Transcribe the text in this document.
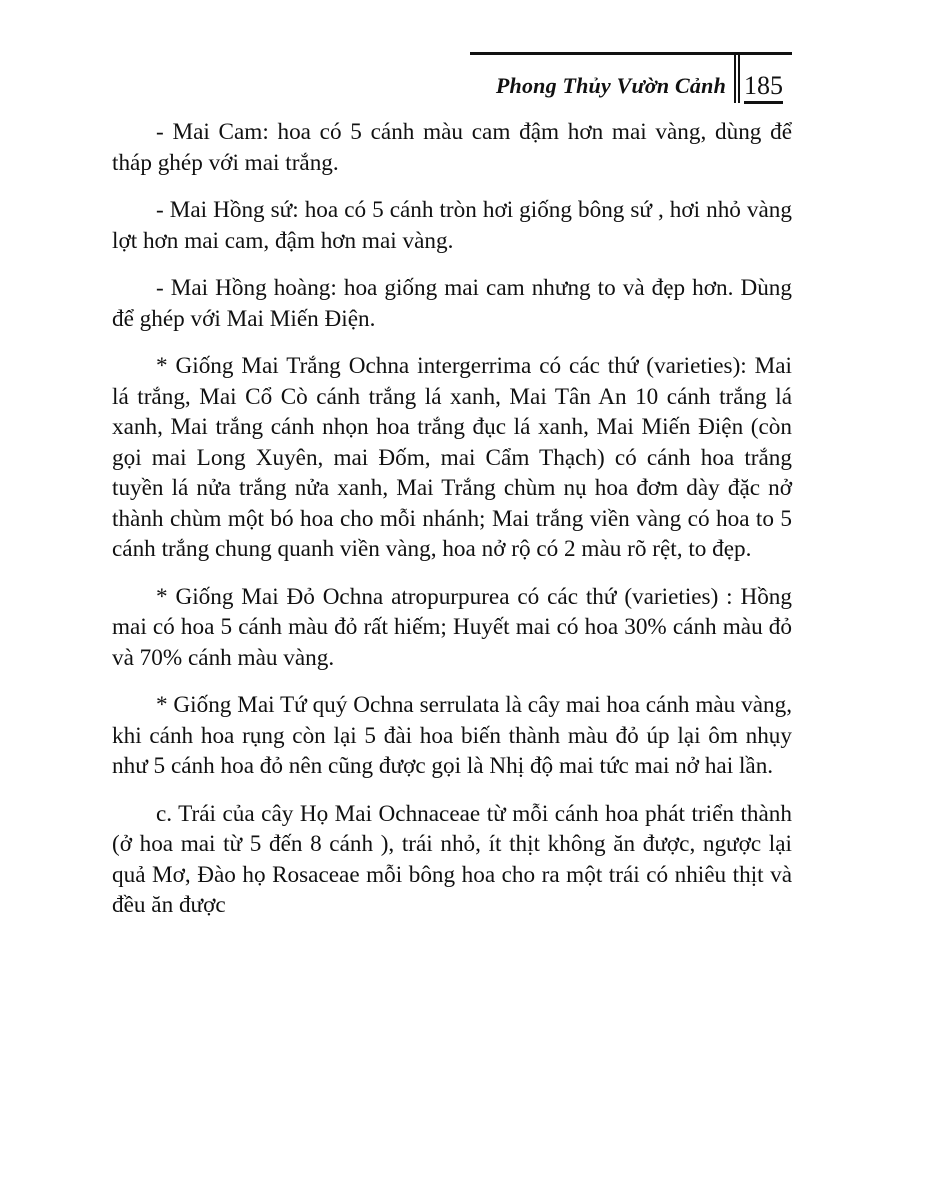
Phong Thủy Vườn Cảnh 185

- Mai Cam: hoa có 5 cánh màu cam đậm hơn mai vàng, dùng để tháp ghép với mai trắng.

- Mai Hồng sứ: hoa có 5 cánh tròn hơi giống bông sứ , hơi nhỏ vàng lợt hơn mai cam, đậm hơn mai vàng.

- Mai Hồng hoàng: hoa giống mai cam nhưng to và đẹp hơn. Dùng để ghép với Mai Miến Điện.

* Giống Mai Trắng Ochna intergerrima có các thứ (varieties): Mai lá trắng, Mai Cổ Cò cánh trắng lá xanh, Mai Tân An 10 cánh trắng lá xanh, Mai trắng cánh nhọn hoa trắng đục lá xanh, Mai Miến Điện (còn gọi mai Long Xuyên, mai Đốm, mai Cẩm Thạch) có cánh hoa trắng tuyền lá nửa trắng nửa xanh, Mai Trắng chùm nụ hoa đơm dày đặc nở thành chùm một bó hoa cho mỗi nhánh; Mai trắng viền vàng có hoa to 5 cánh trắng chung quanh viền vàng, hoa nở rộ có 2 màu rõ rệt, to đẹp.

* Giống Mai Đỏ Ochna atropurpurea có các thứ (varieties) : Hồng mai có hoa 5 cánh màu đỏ rất hiếm; Huyết mai có hoa 30% cánh màu đỏ và 70% cánh màu vàng.

* Giống Mai Tứ quý Ochna serrulata là cây mai hoa cánh màu vàng, khi cánh hoa rụng còn lại 5 đài hoa biến thành màu đỏ úp lại ôm nhụy như 5 cánh hoa đỏ nên cũng được gọi là Nhị độ mai tức mai nở hai lần.

c. Trái của cây Họ Mai Ochnaceae từ mỗi cánh hoa phát triển thành (ở hoa mai từ 5 đến 8 cánh ), trái nhỏ, ít thịt không ăn được, ngược lại quả Mơ, Đào họ Rosaceae mỗi bông hoa cho ra một trái có nhiêu thịt và đều ăn được
